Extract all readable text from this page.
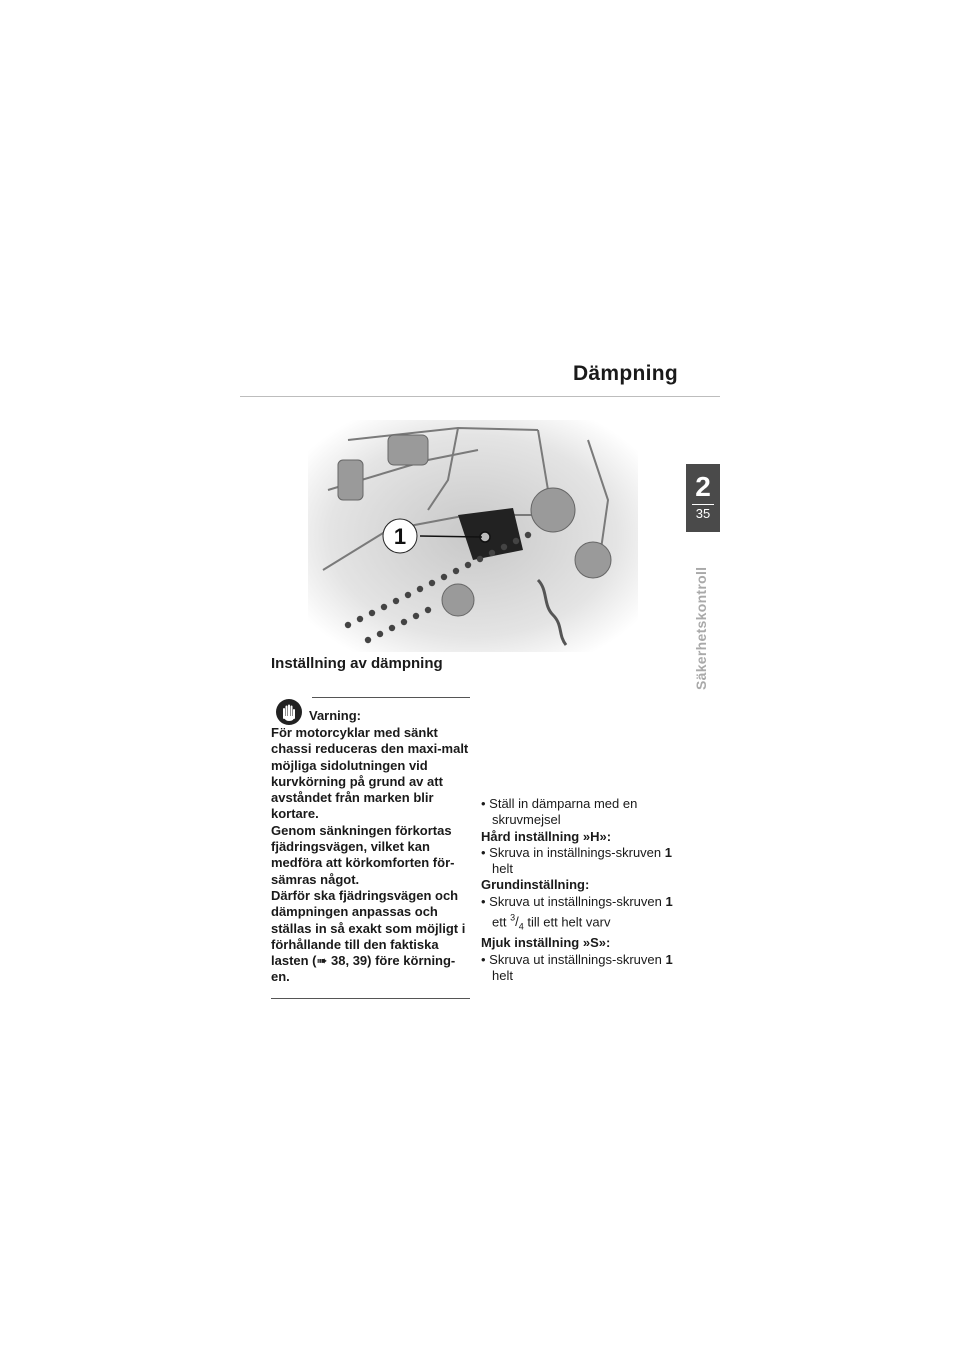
Dämpning
2
35
Säkerhetskontroll
1
Inställning av dämpning
Varning:

För motorcyklar med sänkt chassi reduceras den maxi-malt möjliga sidolutningen vid kurvkörning på grund av att avståndet från marken blir kortare.

Genom sänkningen förkortas fjädringsvägen, vilket kan medföra att körkomforten för-sämras något.

Därför ska fjädringsvägen och dämpningen anpassas och ställas in så exakt som möjligt i förhållande till den faktiska lasten (➠ 38, 39) före körning-en.

• Ställ in dämparna med en skruvmejsel
Hård inställning »H»:
• Skruva in inställnings-skruven 1 helt
Grundinställning:
• Skruva ut inställnings-skruven 1 ett $^3/_4$ till ett helt varv
Mjuk inställning »S»:
• Skruva ut inställnings-skruven 1 helt
